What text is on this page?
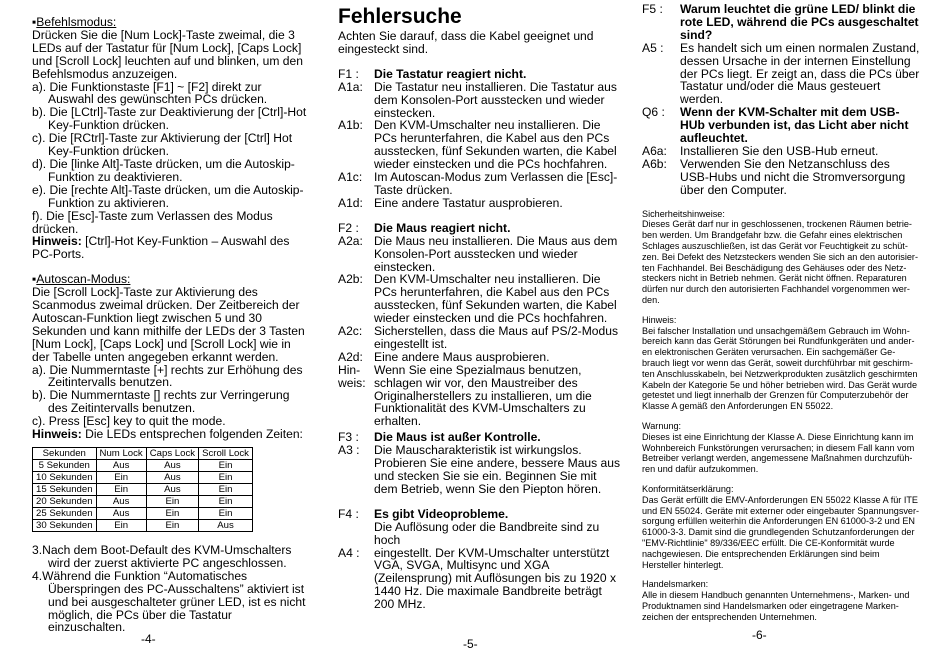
▪Befehlsmodus:

Drücken Sie die [Num Lock]-Taste zweimal, die 3 LEDs auf der Tastatur für [Num Lock], [Caps Lock] und [Scroll Lock] leuchten auf und blinken, um den Befehlsmodus anzuzeigen.

a). Die Funktionstaste [F1] ~ [F2] direkt zur Auswahl des gewünschten PCs drücken.

b). Die [LCtrl]-Taste zur Deaktivierung der [Ctrl]-Hot Key-Funktion drücken.

c). Die [RCtrl]-Taste zur Aktivierung der [Ctrl] Hot Key-Funktion drücken.

d). Die [linke Alt]-Taste drücken, um die Autoskip-Funktion zu deaktivieren.

e). Die [rechte Alt]-Taste drücken, um die Autoskip-Funktion zu aktivieren.

f). Die [Esc]-Taste zum Verlassen des Modus drücken.

Hinweis: [Ctrl]-Hot Key-Funktion – Auswahl des PC-Ports.

▪Autoscan-Modus:

Die [Scroll Lock]-Taste zur Aktivierung des Scanmodus zweimal drücken. Der Zeitbereich der Autoscan-Funktion liegt zwischen 5 und 30 Sekunden und kann mithilfe der LEDs der 3 Tasten [Num Lock], [Caps Lock] und [Scroll Lock] wie in der Tabelle unten angegeben erkannt werden.

a). Die Nummerntaste [+] rechts zur Erhöhung des Zeitintervalls benutzen.

b). Die Nummerntaste [] rechts zur Verringerung des Zeitintervalls benutzen.

c). Press [Esc] key to quit the mode.

Hinweis: Die LEDs entsprechen folgenden Zeiten:

Sekunden	Num Lock	Caps Lock	Scroll Lock
5 Sekunden	Aus	Aus	Ein
10 Sekunden	Ein	Aus	Ein
15 Sekunden	Ein	Aus	Ein
20 Sekunden	Aus	Ein	Ein
25 Sekunden	Aus	Ein	Ein
30 Sekunden	Ein	Ein	Aus

3.Nach dem Boot-Default des KVM-Umschalters wird der zuerst aktivierte PC angeschlossen.

4.Während die Funktion “Automatisches Überspringen des PC-Ausschaltens” aktiviert ist und bei ausgeschalteter grüner LED, ist es nicht möglich, die PCs über die Tastatur einzuschalten.

-4-
Fehlersuche

Achten Sie darauf, dass die Kabel geeignet und eingesteckt sind.

F1 :	Die Tastatur reagiert nicht.
A1a: Die Tastatur neu installieren. Die Tastatur aus dem Konsolen-Port ausstecken und wieder einstecken.
A1b: Den KVM-Umschalter neu installieren. Die PCs herunterfahren, die Kabel aus den PCs ausstecken, fünf Sekunden warten, die Kabel wieder einstecken und die PCs hochfahren.
A1c: Im Autoscan-Modus zum Verlassen die [Esc]-Taste drücken.
A1d: Eine andere Tastatur ausprobieren.
F2 :	Die Maus reagiert nicht.
A2a: Die Maus neu installieren. Die Maus aus dem Konsolen-Port ausstecken und wieder einstecken.
A2b: Den KVM-Umschalter neu installieren. Die PCs herunterfahren, die Kabel aus den PCs ausstecken, fünf Sekunden warten, die Kabel wieder einstecken und die PCs hochfahren.
A2c: Sicherstellen, dass die Maus auf PS/2-Modus eingestellt ist.
A2d: Eine andere Maus ausprobieren.
Hin-
weis:
Wenn Sie eine Spezialmaus benutzen, schlagen wir vor, den Maustreiber des Originalherstellers zu installieren, um die Funktionalität des KVM-Umschalters zu erhalten.
F3 :	Die Maus ist außer Kontrolle.
A3 :	Die Mauscharakteristik ist wirkungslos. Probieren Sie eine andere, bessere Maus aus und stecken Sie sie ein. Beginnen Sie mit dem Betrieb, wenn Sie den Piepton hören.
F4 :	Es gibt Videoprobleme.
Die Auflösung oder die Bandbreite sind zu hoch
A4 :	eingestellt. Der KVM-Umschalter unterstützt VGA, SVGA, Multisync und XGA (Zeilensprung) mit Auflösungen bis zu 1920 x 1440 Hz. Die maximale Bandbreite beträgt 200 MHz.
-5-
F5 :	Warum leuchtet die grüne LED/ blinkt die rote LED, während die PCs ausgeschaltet sind?
A5 :	Es handelt sich um einen normalen Zustand, dessen Ursache in der internen Einstellung der PCs liegt. Er zeigt an, dass die PCs über Tastatur und/oder die Maus gesteuert werden.
Q6 :	Wenn der KVM-Schalter mit dem USB-HUb verbunden ist, das Licht aber nicht aufleuchtet.
A6a:	Installieren Sie den USB-Hub erneut.
A6b:	Verwenden Sie den Netzanschluss des USB-Hubs und nicht die Stromversorgung über den Computer.

Sicherheitshinweise:

Dieses Gerät darf nur in geschlossenen, trockenen Räumen betrie-ben werden. Um Brandgefahr bzw. die Gefahr eines elektrischen Schlages auszuschließen, ist das Gerät vor Feuchtigkeit zu schüt-zen. Bei Defekt des Netzsteckers wenden Sie sich an den autorisier-ten Fachhandel. Bei Beschädigung des Gehäuses oder des Netz-steckers nicht in Betrieb nehmen. Gerät nicht öffnen. Reparaturen dürfen nur durch den autorisierten Fachhandel vorgenommen wer-den.

Hinweis:

Bei falscher Installation und unsachgemäßem Gebrauch im Wohn-bereich kann das Gerät Störungen bei Rundfunkgeräten und ander-en elektronischen Geräten verursachen. Ein sachgemäßer Ge-brauch liegt vor wenn das Gerät, soweit durchführbar mit geschirm-ten Anschlusskabeln, bei Netzwerkprodukten zusätzlich geschirmten Kabeln der Kategorie 5e und höher betrieben wird. Das Gerät wurde getestet und liegt innerhalb der Grenzen für Computerzubehör der Klasse A gemäß den Anforderungen EN 55022.

Warnung:

Dieses ist eine Einrichtung der Klasse A. Diese Einrichtung kann im Wohnbereich Funkstörungen verursachen; in diesem Fall kann vom Betreiber verlangt werden, angemessene Maßnahmen durchzufüh-ren und dafür aufzukommen.

Konformitätserklärung:

Das Gerät erfüllt die EMV-Anforderungen EN 55022 Klasse A für ITE und EN 55024. Geräte mit externer oder eingebauter Spannungsver-sorgung erfüllen weiterhin die Anforderungen EN 61000-3-2 und EN 61000-3-3. Damit sind die grundlegenden Schutzanforderungen der "EMV-Richtlinie" 89/336/EEC erfüllt. Die CE-Konformität wurde nachgewiesen. Die entsprechenden Erklärungen sind beim Hersteller hinterlegt.

Handelsmarken:

Alle in diesem Handbuch genannten Unternehmens-, Marken- und Produktnamen sind Handelsmarken oder eingetragene Marken-zeichen der entsprechenden Unternehmen.

-6-
